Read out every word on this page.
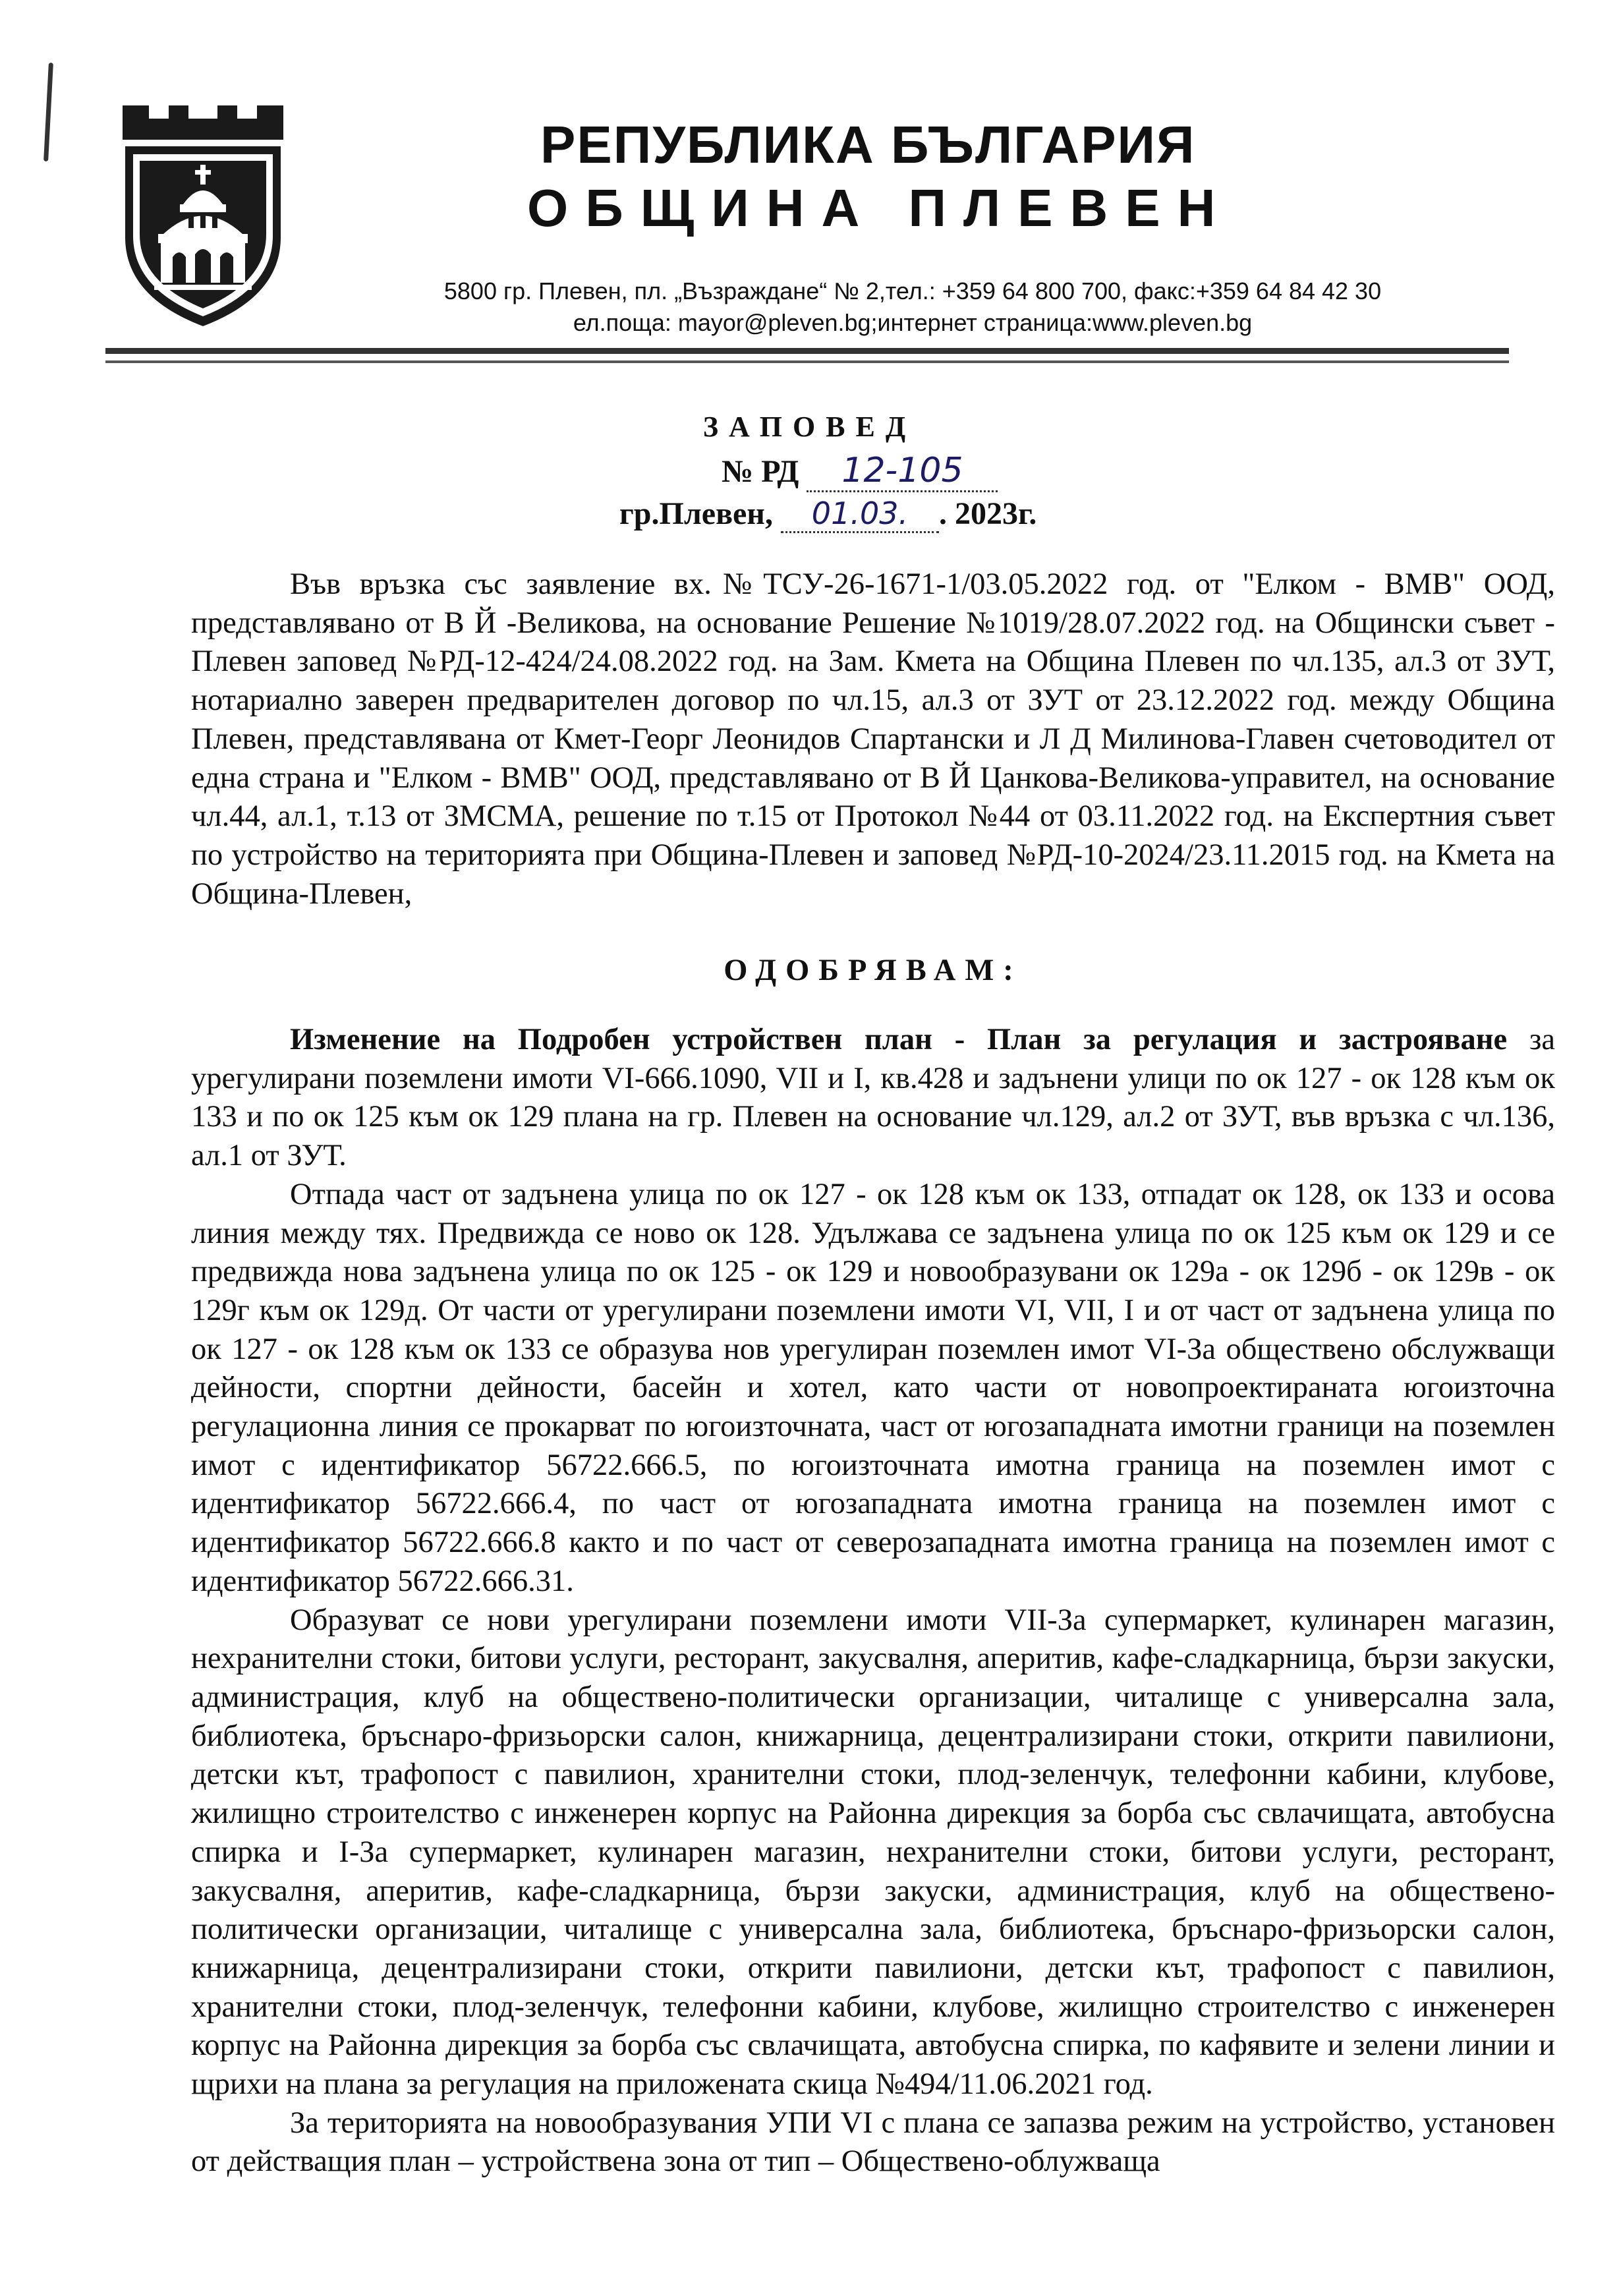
РЕПУБЛИКА БЪЛГАРИЯ
ОБЩИНА ПЛЕВЕН
5800 гр. Плевен, пл. „Възраждане“ № 2,тел.: +359 64 800 700, факс:+359 64 84 42 30
ел.поща: mayor@pleven.bg;интернет страница:www.pleven.bg
ЗАПОВЕД
№ РД 12-105
гр.Плевен, 01.03. . 2023г.

Във връзка със заявление вх.№ТСУ-26-1671-1/03.05.2022 год. от "Елком - ВМВ" ООД, представлявано от В Й -Великова, на основание Решение №1019/28.07.2022 год. на Общински съвет - Плевен заповед №РД-12-424/24.08.2022 год. на Зам. Кмета на Община Плевен по чл.135, ал.3 от ЗУТ, нотариално заверен предварителен договор по чл.15, ал.3 от ЗУТ от 23.12.2022 год. между Община Плевен, представлявана от Кмет-Георг Леонидов Спартански и Л Д Милинова-Главен счетоводител от една страна и "Елком - ВМВ" ООД, представлявано от В Й Цанкова-Великова-управител, на основание чл.44, ал.1, т.13 от ЗМСМА, решение по т.15 от Протокол №44 от 03.11.2022 год. на Експертния съвет по устройство на територията при Община-Плевен и заповед №РД-10-2024/23.11.2015 год. на Кмета на Община-Плевен,

ОДОБРЯВАМ:

Изменение на Подробен устройствен план - План за регулация и застрояване за урегулирани поземлени имоти VI-666.1090, VII и I, кв.428 и задънени улици по ок 127 - ок 128 към ок 133 и по ок 125 към ок 129 плана на гр. Плевен на основание чл.129, ал.2 от ЗУТ, във връзка с чл.136, ал.1 от ЗУТ.

Отпада част от задънена улица по ок 127 - ок 128 към ок 133, отпадат ок 128, ок 133 и осова линия между тях. Предвижда се ново ок 128. Удължава се задънена улица по ок 125 към ок 129 и се предвижда нова задънена улица по ок 125 - ок 129 и новообразувани ок 129а - ок 129б - ок 129в - ок 129г към ок 129д. От части от урегулирани поземлени имоти VI, VII, I и от част от задънена улица по ок 127 - ок 128 към ок 133 се образува нов урегулиран поземлен имот VI-За обществено обслужващи дейности, спортни дейности, басейн и хотел, като части от новопроектираната югоизточна регулационна линия се прокарват по югоизточната, част от югозападната имотни граници на поземлен имот с идентификатор 56722.666.5, по югоизточната имотна граница на поземлен имот с идентификатор 56722.666.4, по част от югозападната имотна граница на поземлен имот с идентификатор 56722.666.8 както и по част от северозападната имотна граница на поземлен имот с идентификатор 56722.666.31.

Образуват се нови урегулирани поземлени имоти VII-За супермаркет, кулинарен магазин, нехранителни стоки, битови услуги, ресторант, закусвалня, аперитив, кафе-сладкарница, бързи закуски, администрация, клуб на обществено-политически организации, читалище с универсална зала, библиотека, бръснаро-фризьорски салон, книжарница, децентрализирани стоки, открити павилиони, детски кът, трафопост с павилион, хранителни стоки, плод-зеленчук, телефонни кабини, клубове, жилищно строителство с инженерен корпус на Районна дирекция за борба със свлачищата, автобусна спирка и I-За супермаркет, кулинарен магазин, нехранителни стоки, битови услуги, ресторант, закусвалня, аперитив, кафе-сладкарница, бързи закуски, администрация, клуб на обществено-политически организации, читалище с универсална зала, библиотека, бръснаро-фризьорски салон, книжарница, децентрализирани стоки, открити павилиони, детски кът, трафопост с павилион, хранителни стоки, плод-зеленчук, телефонни кабини, клубове, жилищно строителство с инженерен корпус на Районна дирекция за борба със свлачищата, автобусна спирка, по кафявите и зелени линии и щрихи на плана за регулация на приложената скица №494/11.06.2021 год.

За територията на новообразувания УПИ VI с плана се запазва режим на устройство, установен от действащия план – устройствена зона от тип – Обществено-облужваща
